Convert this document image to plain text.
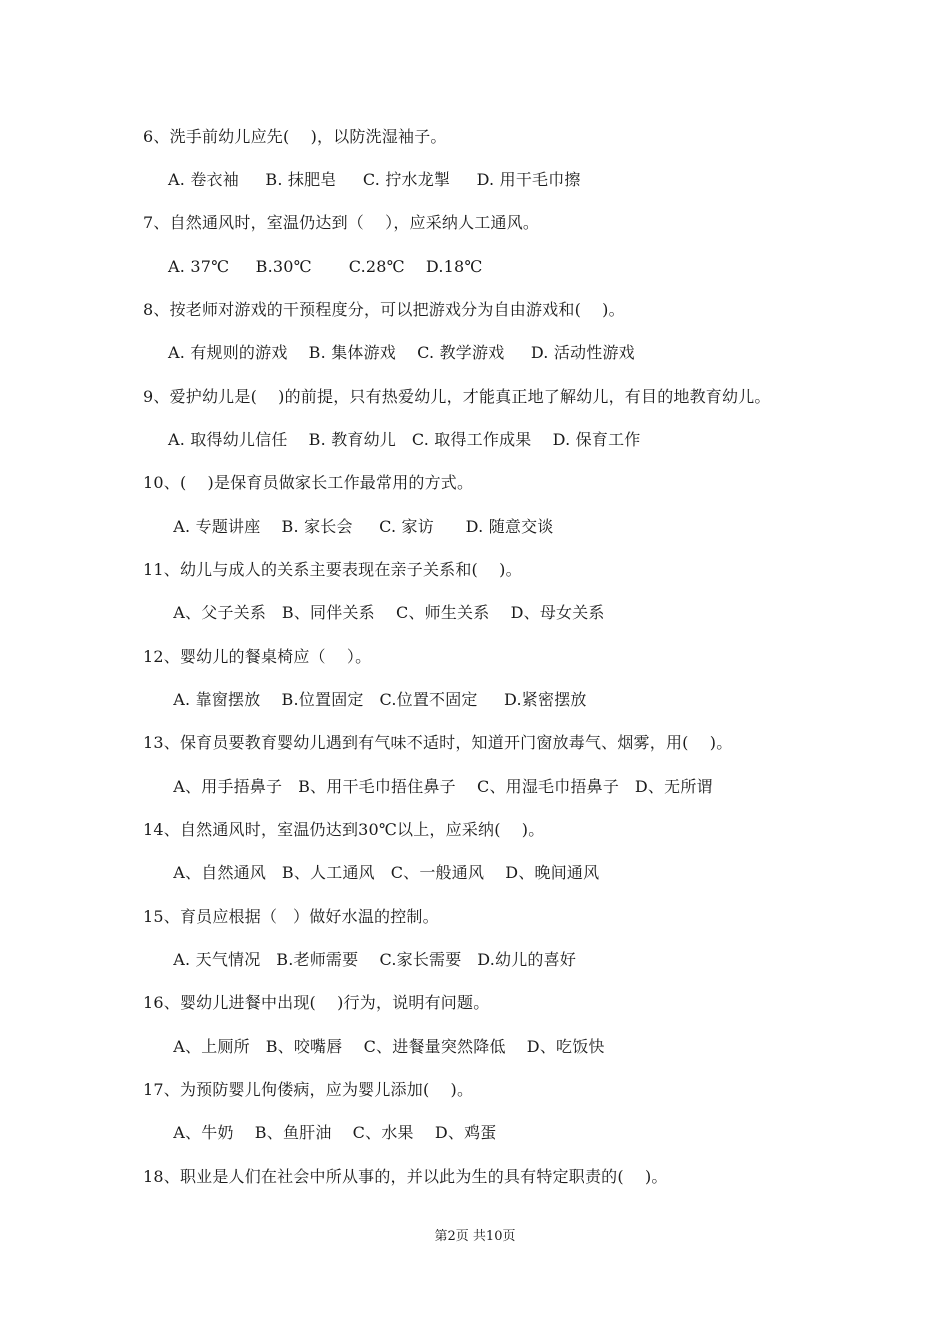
6、洗手前幼儿应先(    )，以防洗湿袖子。
A. 卷衣袖     B. 抹肥皂     C. 拧水龙掣     D. 用干毛巾擦
7、自然通风时，室温仍达到（    ），应采纳人工通风。
A. 37℃     B.30℃       C.28℃    D.18℃
8、按老师对游戏的干预程度分，可以把游戏分为自由游戏和(    )。
A. 有规则的游戏    B. 集体游戏    C. 教学游戏     D. 活动性游戏
9、爱护幼儿是(    )的前提，只有热爱幼儿，才能真正地了解幼儿，有目的地教育幼儿。
A. 取得幼儿信任    B. 教育幼儿   C. 取得工作成果    D. 保育工作
10、(    )是保育员做家长工作最常用的方式。
A. 专题讲座    B. 家长会     C. 家访      D. 随意交谈
11、幼儿与成人的关系主要表现在亲子关系和(    )。
A、父子关系   B、同伴关系    C、师生关系    D、母女关系
12、婴幼儿的餐桌椅应（    ）。
A. 靠窗摆放    B.位置固定   C.位置不固定     D.紧密摆放
13、保育员要教育婴幼儿遇到有气味不适时，知道开门窗放毒气、烟雾，用(    )。
A、用手捂鼻子   B、用干毛巾捂住鼻子    C、用湿毛巾捂鼻子   D、无所谓
14、自然通风时，室温仍达到30℃以上，应采纳(    )。
A、自然通风   B、人工通风   C、一般通风    D、晚间通风
15、育员应根据（   ）做好水温的控制。
A. 天气情况   B.老师需要    C.家长需要   D.幼儿的喜好
16、婴幼儿进餐中出现(    )行为，说明有问题。
A、上厕所   B、咬嘴唇    C、进餐量突然降低    D、吃饭快
17、为预防婴儿佝偻病，应为婴儿添加(    )。
A、牛奶    B、鱼肝油    C、水果    D、鸡蛋
18、职业是人们在社会中所从事的，并以此为生的具有特定职责的(    )。
第2页 共10页
